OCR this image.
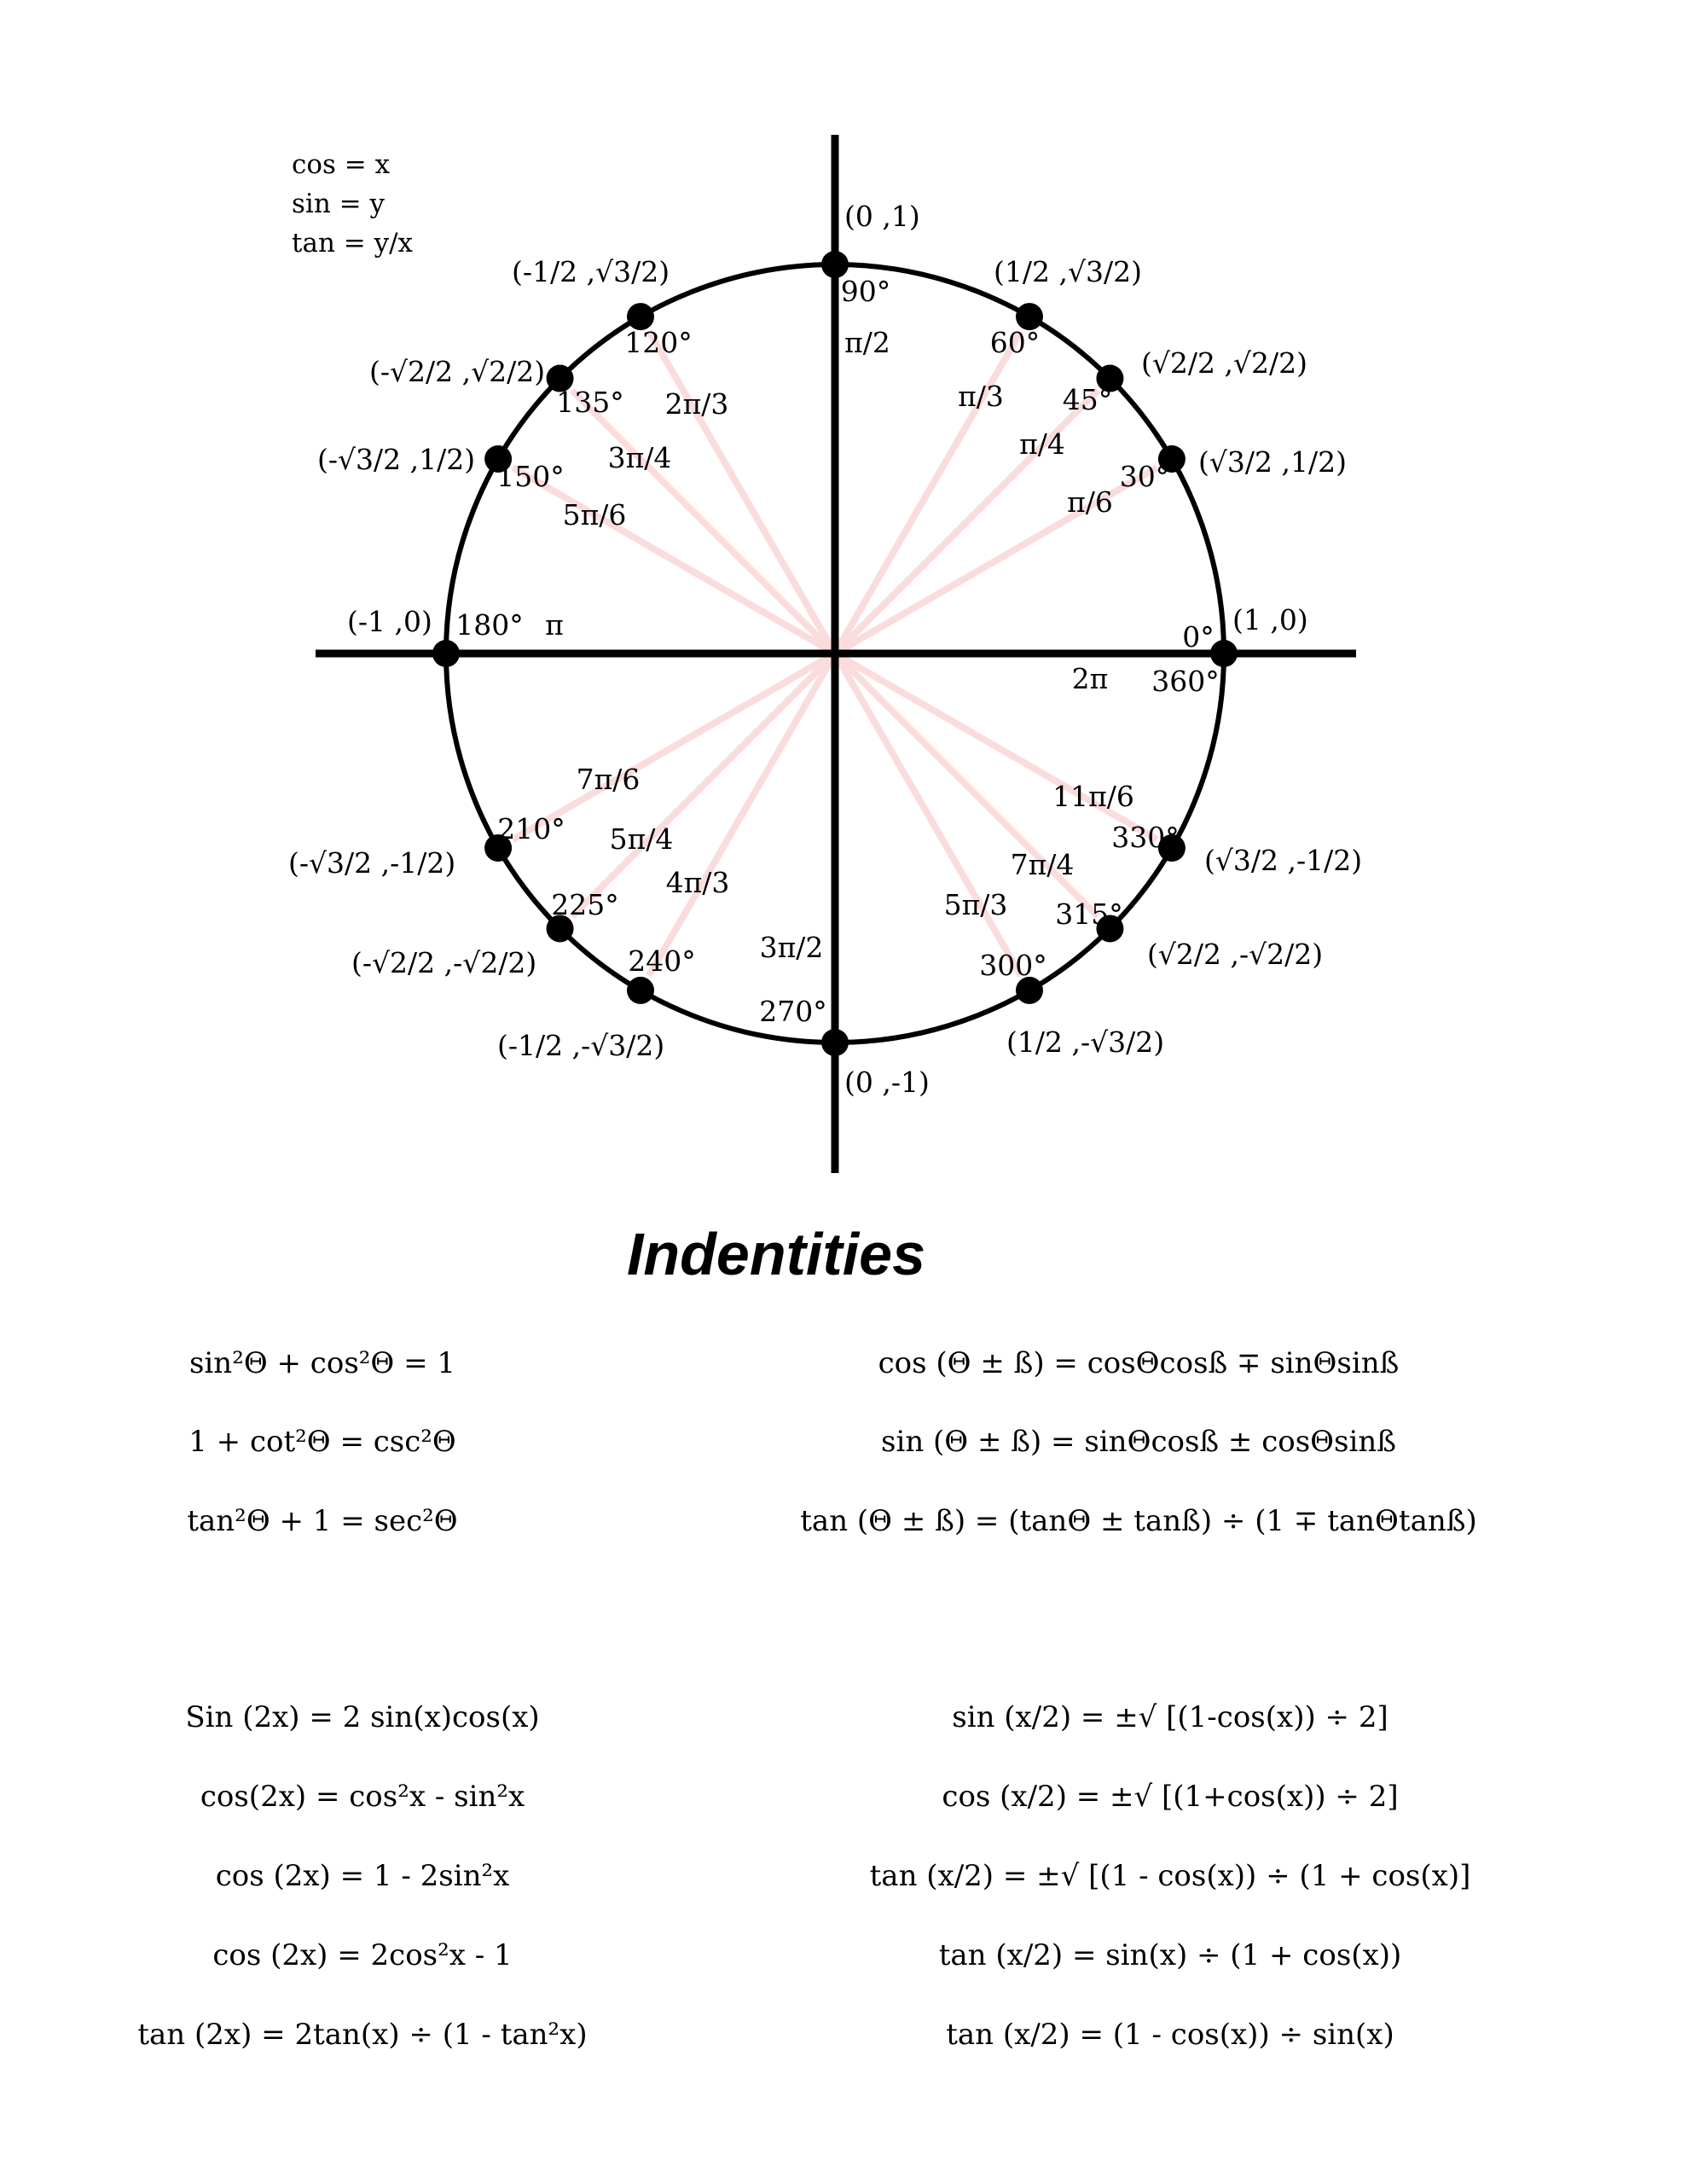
cos = x
sin = y
tan = y/x
(1 ,0)
0°
2π 360°
(√3/2 ,1/2)
30°
π/6
(√2/2 ,√2/2)
45°
π/4
(1/2 ,√3/2)
60°
π/3
(0 ,1)
90°
π/2
(-1/2 ,√3/2)
120°
2π/3
(-√2/2 ,√2/2)
135°
3π/4
(-√3/2 ,1/2)
150°
5π/6
(-1 ,0) 180° π
(-√3/2 ,-1/2)
210°
7π/6
(-√2/2 ,-√2/2)
225°
5π/4
(-1/2 ,-√3/2)
240°
4π/3
(0 ,-1)
270°
3π/2
(1/2 ,-√3/2)
300°
5π/3
(√2/2 ,-√2/2)
315°
7π/4	(√3/2 ,-1/2)
330°
11π/6
Indentities
sin²Θ + cos²Θ = 1
1 + cot²Θ = csc²Θ
tan²Θ + 1 = sec²Θ
cos (Θ ± ß) = cosΘcosß ∓ sinΘsinß
sin (Θ ± ß) = sinΘcosß ± cosΘsinß
tan (Θ ± ß) = (tanΘ ± tanß) ÷ (1 ∓ tanΘtanß)
Sin (2x) = 2 sin(x)cos(x)
cos(2x) = cos²x - sin²x
cos (2x) = 1 - 2sin²x
cos (2x) = 2cos²x - 1
tan (2x) = 2tan(x) ÷ (1 - tan²x)
sin (x/2) = ±√ [(1-cos(x)) ÷ 2]
cos (x/2) = ±√ [(1+cos(x)) ÷ 2]
tan (x/2) = ±√ [(1 - cos(x)) ÷ (1 + cos(x)]
tan (x/2) = sin(x) ÷ (1 + cos(x))
tan (x/2) = (1 - cos(x)) ÷ sin(x)
